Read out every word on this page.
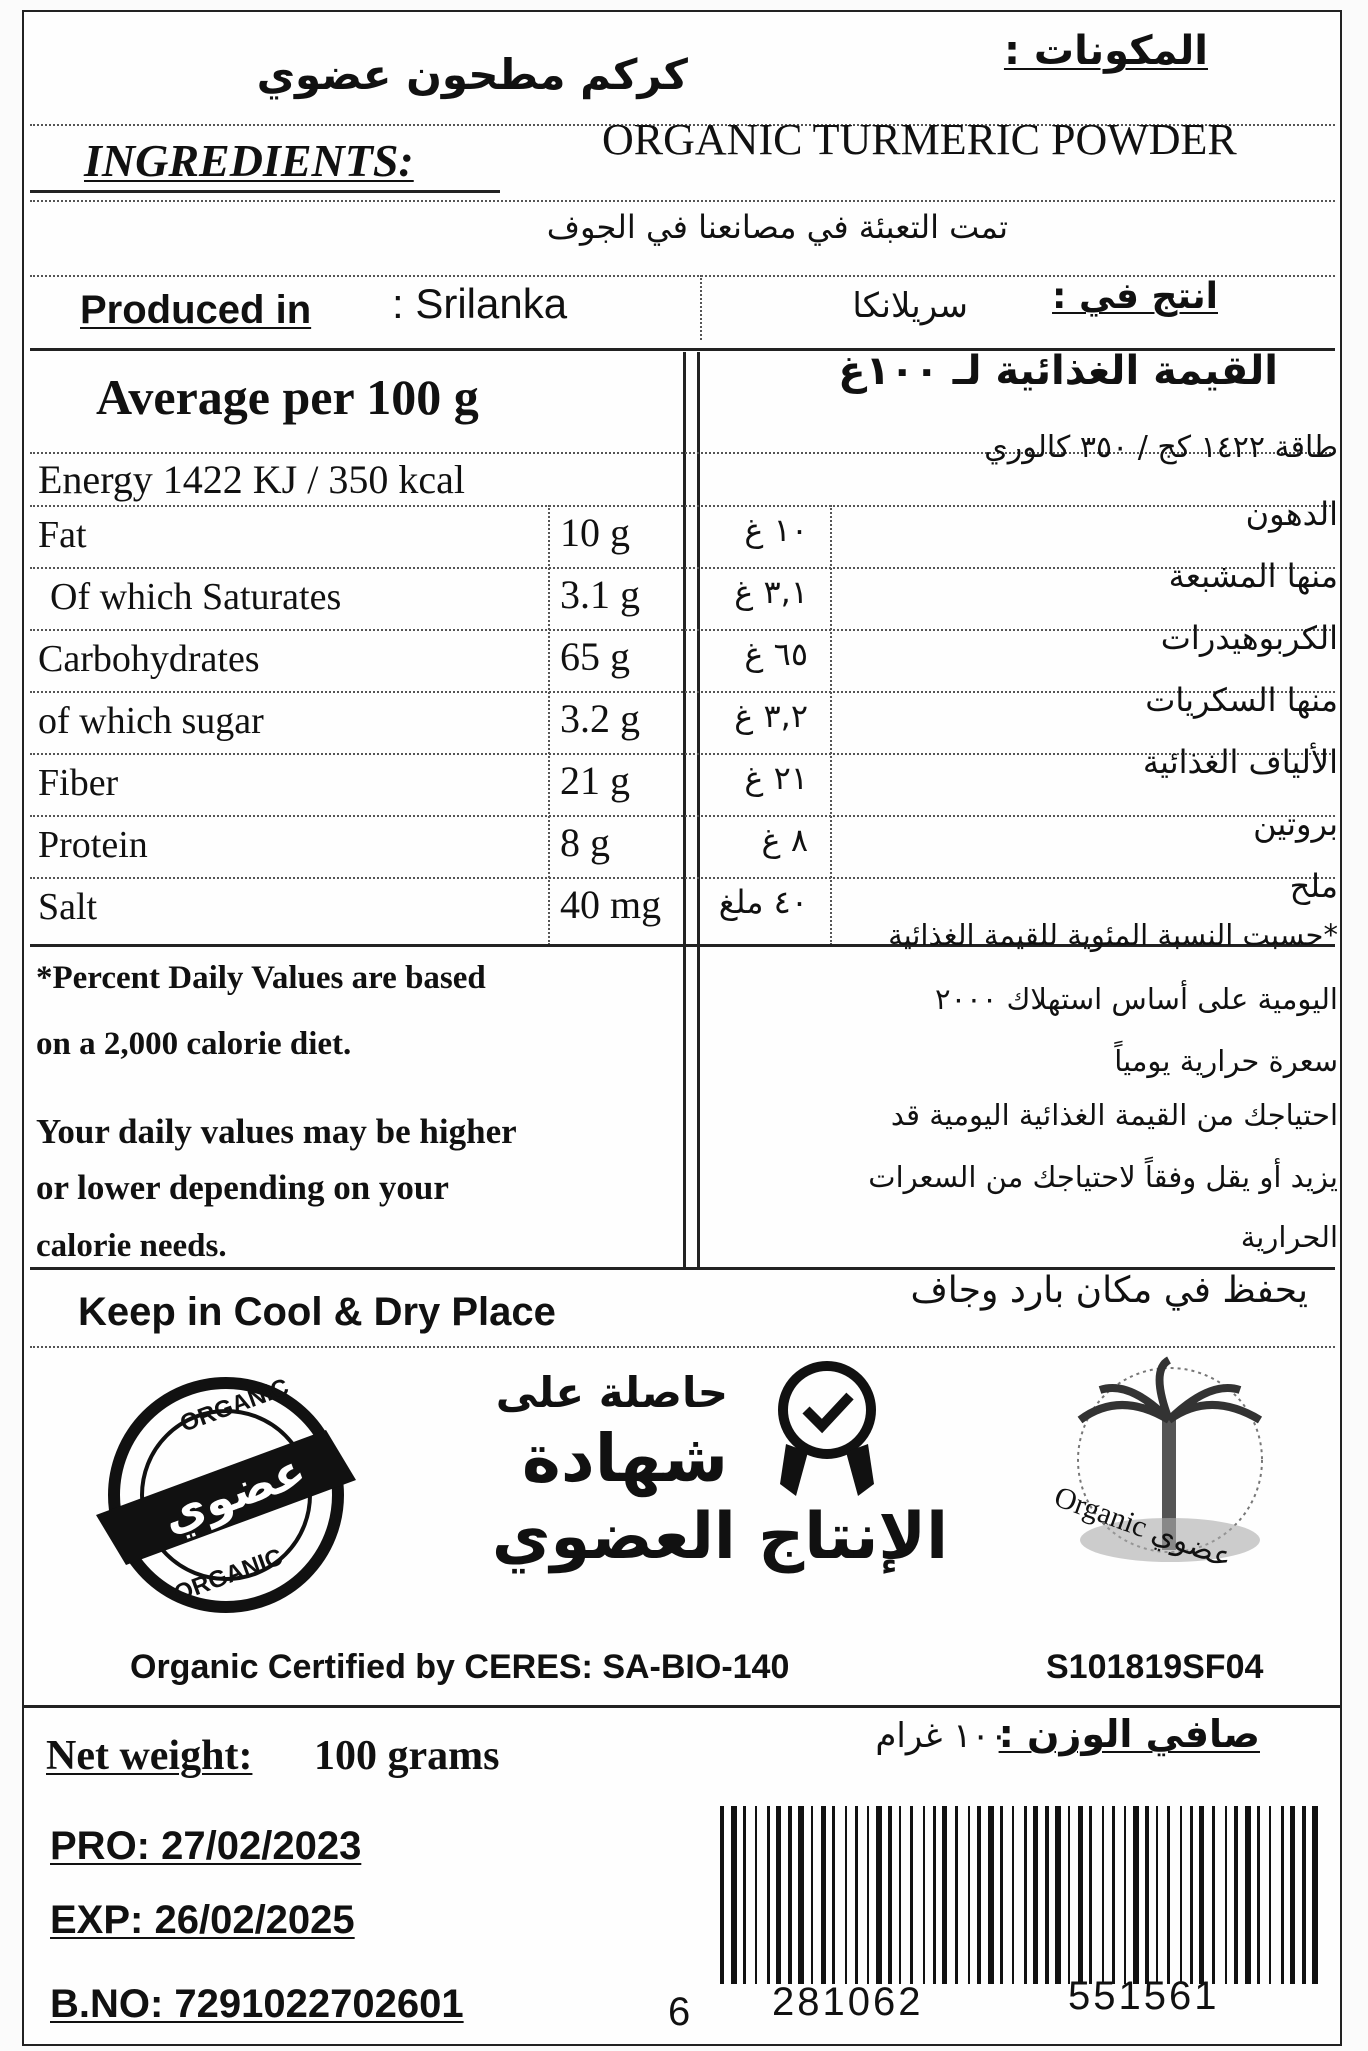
المكونات :
كركم مطحون عضوي
INGREDIENTS:	ORGANIC TURMERIC POWDER
تمت التعبئة في مصانعنا في الجوف
Produced in : Srilanka	انتج في :
سريلانكا
Average per 100 g	القيمة الغذائية لـ ١٠٠غ
Energy 1422 KJ / 350 kcal
طاقة ١٤٢٢ كج / ٣٥٠ كالوري
Fat	10 g	١٠ غ	الدهون
Of which Saturates	3.1 g	٣,١ غ	منها المشبعة
Carbohydrates	65 g	٦٥ غ	الكربوهيدرات
of which sugar	3.2 g	٣,٢ غ	منها السكريات
Fiber	21 g	٢١ غ	الألياف الغذائية
Protein	8 g	٨ غ	بروتين
Salt	40 mg ٤٠ ملغ	ملح
*Percent Daily Values are based
on a 2,000 calorie diet.
Your daily values may be higher
or lower depending on your
calorie needs.
*حسبت النسبة المئوية للقيمة الغذائية
اليومية على أساس استهلاك ٢٠٠٠
سعرة حرارية يومياً
احتياجك من القيمة الغذائية اليومية قد
يزيد أو يقل وفقاً لاحتياجك من السعرات
الحرارية
Keep in Cool & Dry Place	يحفظ في مكان بارد وجاف
ORGANIC
عضوي
ORGANIC
حاصلة على
شهادة
الإنتاج العضوي	Organic عضوي
Organic Certified by CERES: SA-BIO-140	S101819SF04
Net weight: 100 grams	صافي الوزن :
١٠٠ غرام
PRO: 27/02/2023
EXP: 26/02/2025
B.NO: 7291022702601	6 281062	551561
